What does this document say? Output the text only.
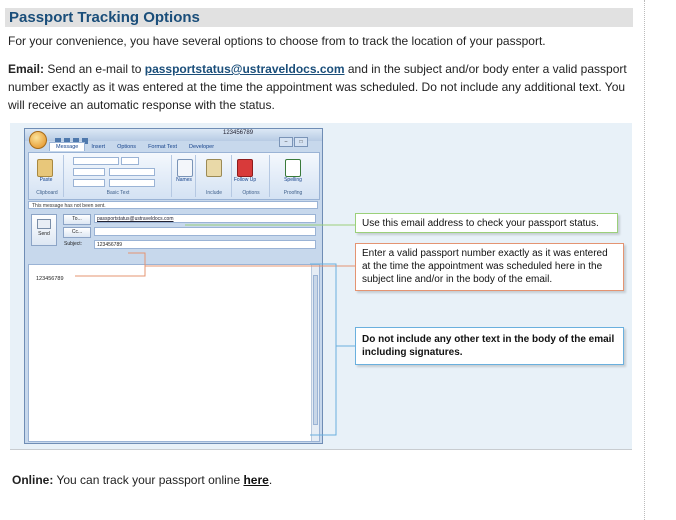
Passport Tracking Options
For your convenience, you have several options to choose from to track the location of your passport.
Email: Send an e-mail to passportstatus@ustraveldocs.com and in the subject and/or body enter a valid passport number exactly as it was entered at the time the appointment was scheduled. Do not include any additional text. You will receive an automatic response with the status.
123456789
– □
Message Insert Options Format Text Developer
Paste
Clipboard	Basic Text
Names
Include
Follow Up
Options
Spelling
Proofing
This message has not been sent.
Send
To...
Cc...
passportstatus@ustraveldocs.com
Subject:	123456789
123456789
Use this email address to check your passport status.
Enter a valid passport number exactly as it was entered at the time the appointment was scheduled here in the subject line and/or in the body of the email.
Do not include any other text in the body of the email including signatures.
Online: You can track your passport online here.
